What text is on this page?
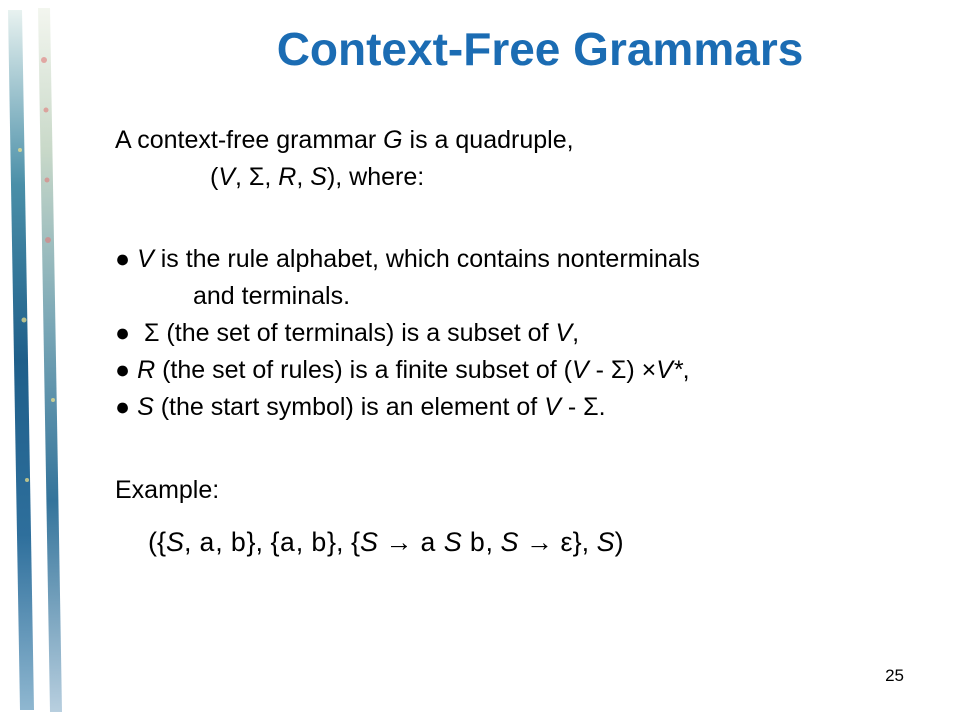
Context-Free Grammars
A context-free grammar G is a quadruple,
(V, Σ, R, S), where:
● V is the rule alphabet, which contains nonterminals
and terminals.
● Σ (the set of terminals) is a subset of V,
● R (the set of rules) is a finite subset of (V - Σ) ×V*,
● S (the start symbol) is an element of V - Σ.
Example:
({S, a, b}, {a, b}, {S → a S b, S → ε}, S)
25
